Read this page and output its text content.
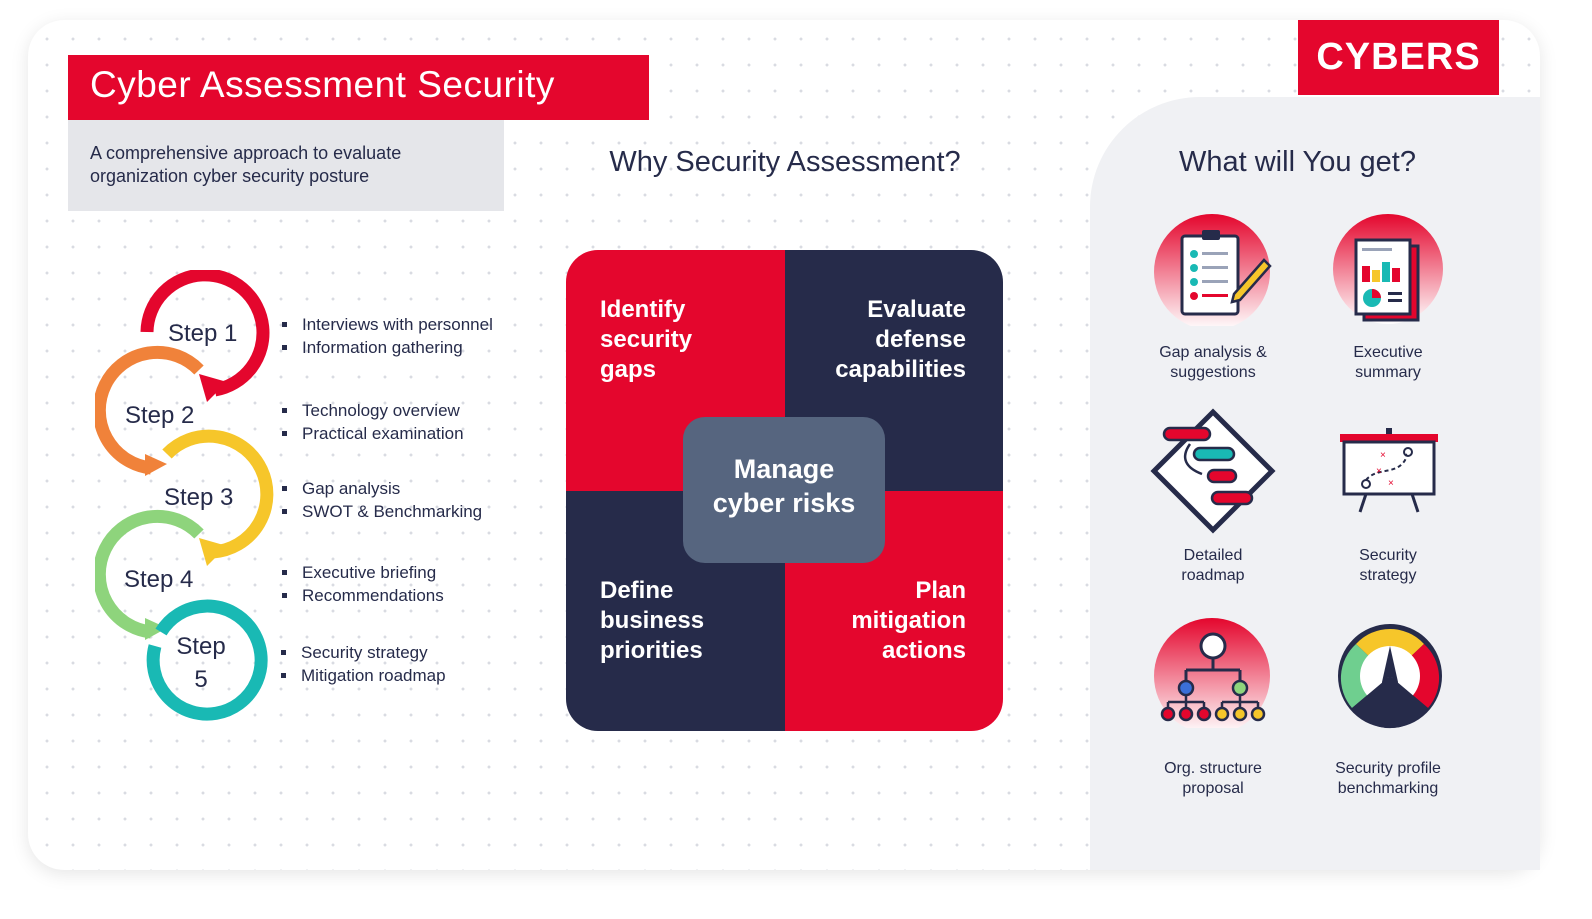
Cyber Assessment Security
A comprehensive approach to evaluate
organization cyber security posture
CYBERS
Step 1
Step 2
Step 3
Step 4
Step
5
Interviews with personnel
Information gathering
Technology overview
Practical examination
Gap analysis
SWOT & Benchmarking
Executive briefing
Recommendations
Security strategy
Mitigation roadmap
Why Security Assessment?
Identify
security
gaps
Evaluate
defense
capabilities
Define
business
priorities
Plan
mitigation
actions
Manage
cyber risks
What will You get?
Gap analysis &
suggestions
Executive
summary
Detailed
roadmap
×
×
×
Security
strategy
Org. structure
proposal
Security profile
benchmarking
